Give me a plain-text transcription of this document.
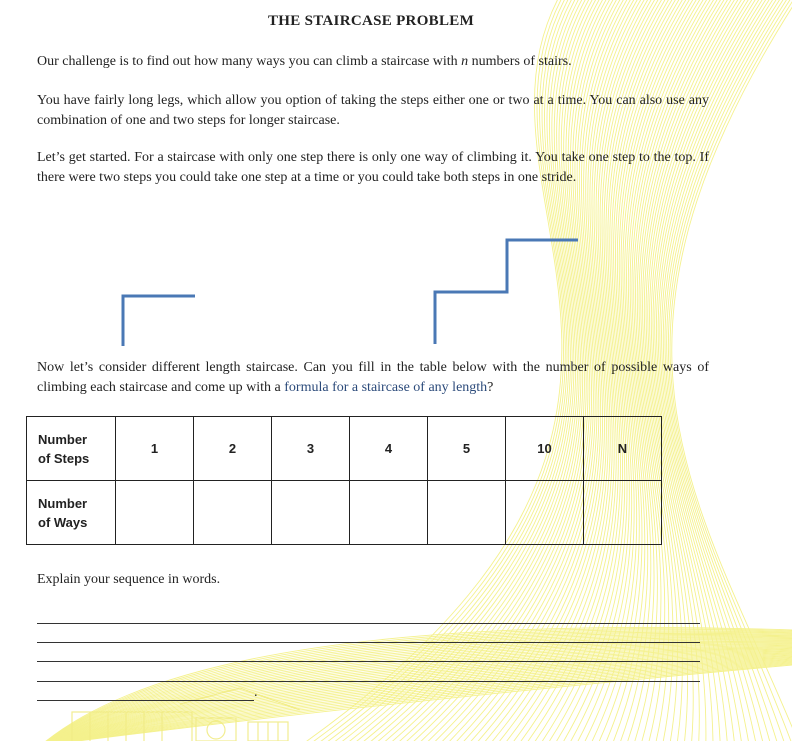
THE STAIRCASE PROBLEM
Our challenge is to find out how many ways you can climb a staircase with n numbers of stairs.
You have fairly long legs, which allow you option of taking the steps either one or two at a time. You can also use any combination of one and two steps for longer staircase.
Let’s get started. For a staircase with only one step there is only one way of climbing it. You take one step to the top. If there were two steps you could take one step at a time or you could take both steps in one stride.
Now let’s consider different length staircase. Can you fill in the table below with the number of possible ways of climbing each staircase and come up with a formula for a staircase of any length?
Number
of Steps	1	2	3	4	5	10	N

Number
of Ways							

Explain your sequence in words.
.
